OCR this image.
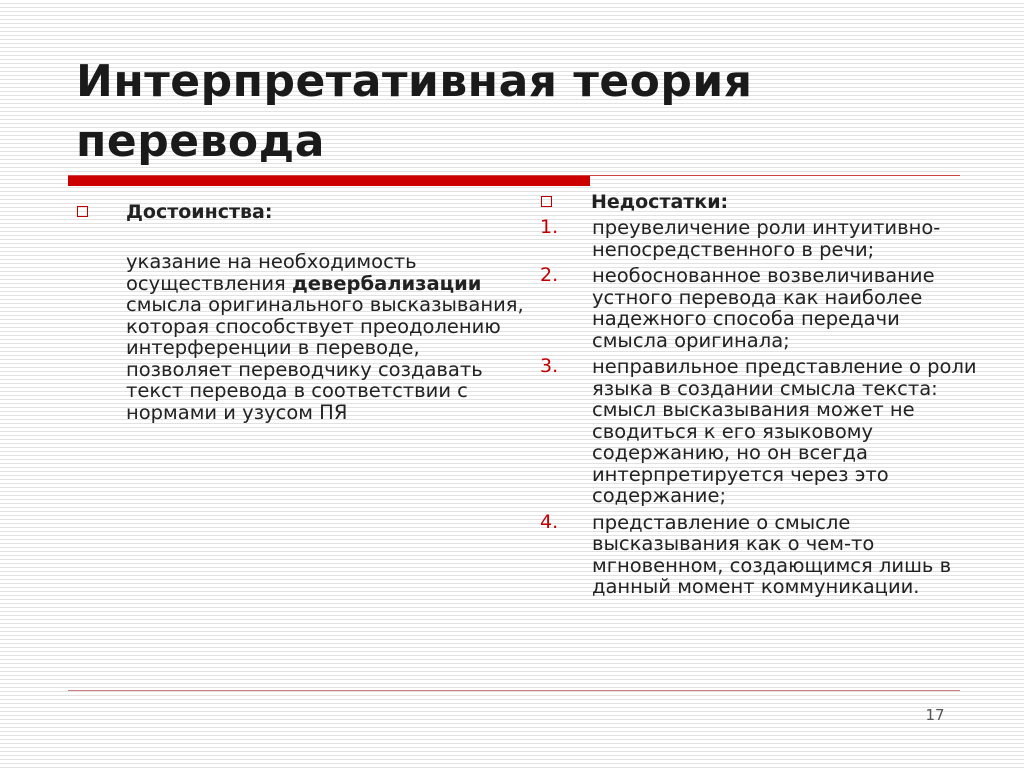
Интерпретативная теория
перевода

Достоинства:

указание на необходимость осуществления девербализации смысла оригинального высказывания, которая способствует преодолению интерференции в переводе, позволяет переводчику создавать текст перевода в соответствии с нормами и узусом ПЯ

Недостатки:

1. преувеличение роли интуитивно-непосредственного в речи;
2. необоснованное возвеличивание устного перевода как наиболее надежного способа передачи смысла оригинала;
3. неправильное представление о роли языка в создании смысла текста: смысл высказывания может не сводиться к его языковому содержанию, но он всегда интерпретируется через это содержание;
4. представление о смысле высказывания как о чем-то мгновенном, создающимся лишь в данный момент коммуникации.
17
